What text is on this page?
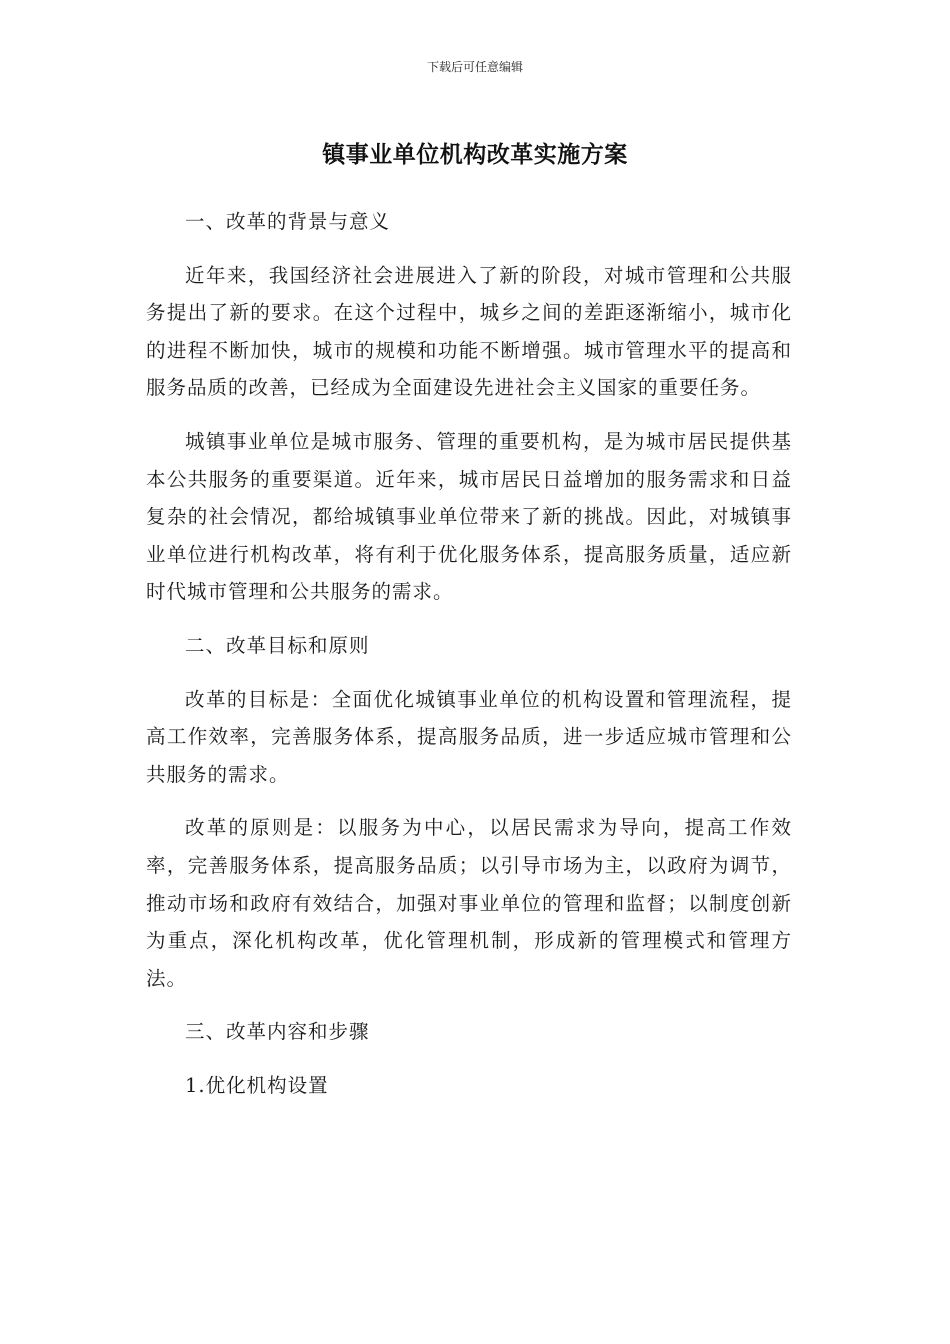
下载后可任意编辑
镇事业单位机构改革实施方案
一、改革的背景与意义
近年来，我国经济社会进展进入了新的阶段，对城市管理和公共服务提出了新的要求。在这个过程中，城乡之间的差距逐渐缩小，城市化的进程不断加快，城市的规模和功能不断增强。城市管理水平的提高和服务品质的改善，已经成为全面建设先进社会主义国家的重要任务。
城镇事业单位是城市服务、管理的重要机构，是为城市居民提供基本公共服务的重要渠道。近年来，城市居民日益增加的服务需求和日益复杂的社会情况，都给城镇事业单位带来了新的挑战。因此，对城镇事业单位进行机构改革，将有利于优化服务体系，提高服务质量，适应新时代城市管理和公共服务的需求。
二、改革目标和原则
改革的目标是：全面优化城镇事业单位的机构设置和管理流程，提高工作效率，完善服务体系，提高服务品质，进一步适应城市管理和公共服务的需求。
改革的原则是：以服务为中心，以居民需求为导向，提高工作效率，完善服务体系，提高服务品质；以引导市场为主，以政府为调节，推动市场和政府有效结合，加强对事业单位的管理和监督；以制度创新为重点，深化机构改革，优化管理机制，形成新的管理模式和管理方法。
三、改革内容和步骤
1.优化机构设置
